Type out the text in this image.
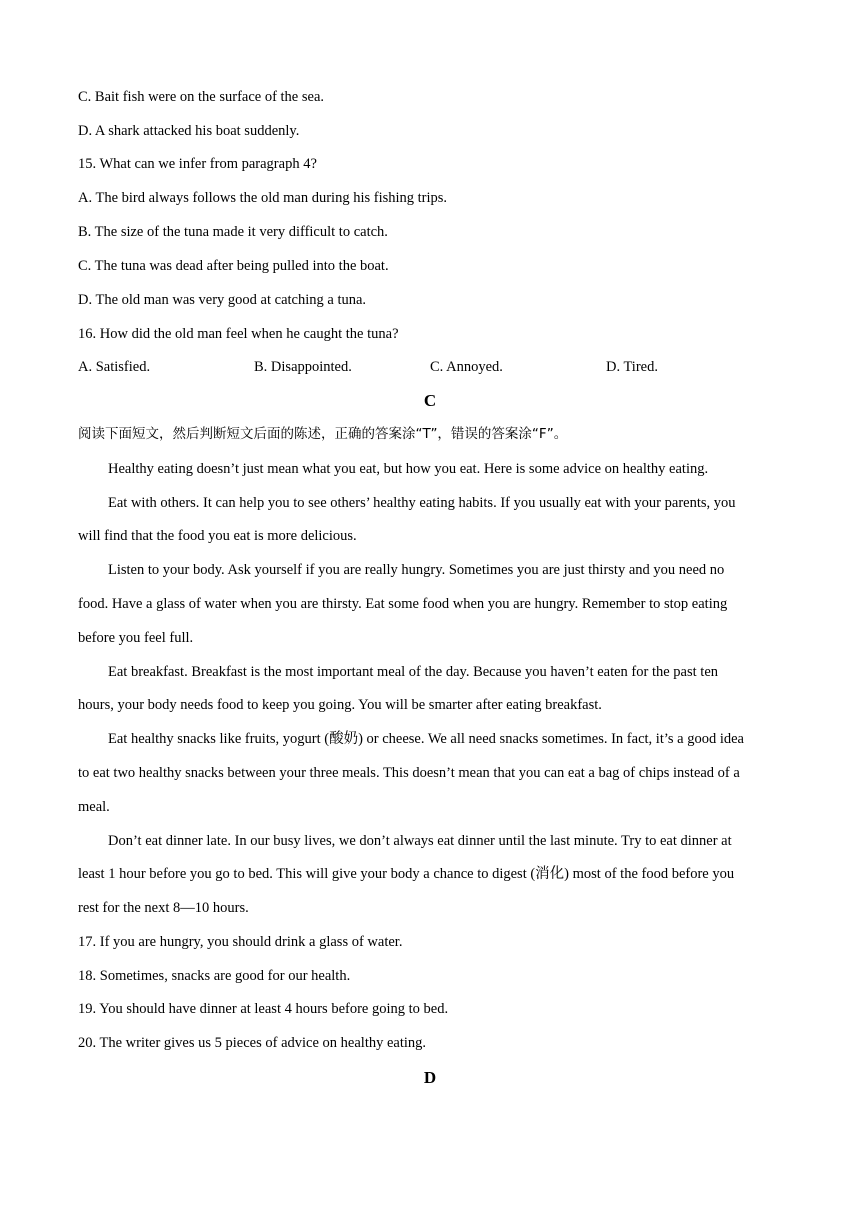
C. Bait fish were on the surface of the sea.
D. A shark attacked his boat suddenly.
15. What can we infer from paragraph 4?
A. The bird always follows the old man during his fishing trips.
B. The size of the tuna made it very difficult to catch.
C. The tuna was dead after being pulled into the boat.
D. The old man was very good at catching a tuna.
16. How did the old man feel when he caught the tuna?
A. Satisfied.	B. Disappointed.	C. Annoyed.	D. Tired.
C
阅读下面短文，然后判断短文后面的陈述，正确的答案涂“T”，错误的答案涂“F”。
Healthy eating doesn’t just mean what you eat, but how you eat. Here is some advice on healthy eating.
Eat with others. It can help you to see others’ healthy eating habits. If you usually eat with your parents, you
will find that the food you eat is more delicious.
Listen to your body. Ask yourself if you are really hungry. Sometimes you are just thirsty and you need no
food. Have a glass of water when you are thirsty. Eat some food when you are hungry. Remember to stop eating
before you feel full.
Eat breakfast. Breakfast is the most important meal of the day. Because you haven’t eaten for the past ten
hours, your body needs food to keep you going. You will be smarter after eating breakfast.
Eat healthy snacks like fruits, yogurt (酸奶) or cheese. We all need snacks sometimes. In fact, it’s a good idea
to eat two healthy snacks between your three meals. This doesn’t mean that you can eat a bag of chips instead of a
meal.
Don’t eat dinner late. In our busy lives, we don’t always eat dinner until the last minute. Try to eat dinner at
least 1 hour before you go to bed. This will give your body a chance to digest (消化) most of the food before you
rest for the next 8—10 hours.
17. If you are hungry, you should drink a glass of water.
18. Sometimes, snacks are good for our health.
19. You should have dinner at least 4 hours before going to bed.
20. The writer gives us 5 pieces of advice on healthy eating.
D
